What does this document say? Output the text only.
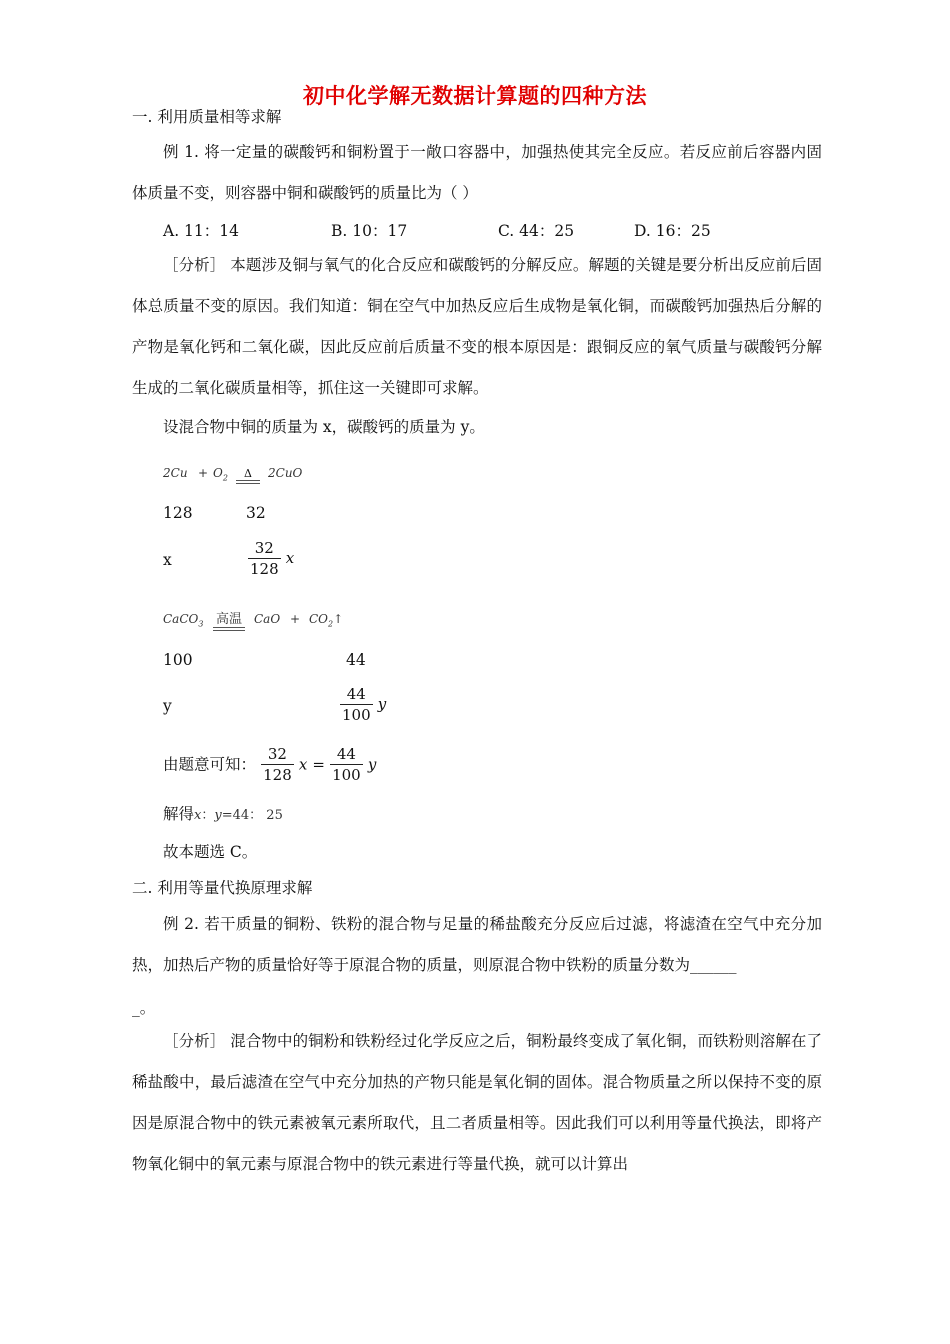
初中化学解无数据计算题的四种方法
一. 利用质量相等求解
例 1. 将一定量的碳酸钙和铜粉置于一敞口容器中，加强热使其完全反应。若反应前后容器内固体质量不变，则容器中铜和碳酸钙的质量比为（ ）
A. 11：14	B. 10：17	C. 44：25	D. 16：25
［分析］ 本题涉及铜与氧气的化合反应和碳酸钙的分解反应。解题的关键是要分析出反应前后固体总质量不变的原因。我们知道：铜在空气中加热反应后生成物是氧化铜，而碳酸钙加强热后分解的产物是氧化钙和二氧化碳，因此反应前后质量不变的根本原因是：跟铜反应的氧气质量与碳酸钙分解生成的二氧化碳质量相等，抓住这一关键即可求解。
设混合物中铜的质量为 x，碳酸钙的质量为 y。
$2Cu + O_2$	Δ	2CuO
128	32
x	$\frac{32}{128}$ x
CaCO$_3$ 高温 CaO + $CO_2↑$
100	44
y	$\frac{44}{100}$ y
由题意可知： $\frac{32}{128}$ $x = \frac{44}{100}$ y
解得x：y=44： 25
故本题选 C。
二. 利用等量代换原理求解
例 2. 若干质量的铜粉、铁粉的混合物与足量的稀盐酸充分反应后过滤，将滤渣在空气中充分加热，加热后产物的质量恰好等于原混合物的质量，则原混合物中铁粉的质量分数为______
_。
［分析］ 混合物中的铜粉和铁粉经过化学反应之后，铜粉最终变成了氧化铜，而铁粉则溶解在了稀盐酸中，最后滤渣在空气中充分加热的产物只能是氧化铜的固体。混合物质量之所以保持不变的原因是原混合物中的铁元素被氧元素所取代，且二者质量相等。因此我们可以利用等量代换法，即将产物氧化铜中的氧元素与原混合物中的铁元素进行等量代换，就可以计算出
